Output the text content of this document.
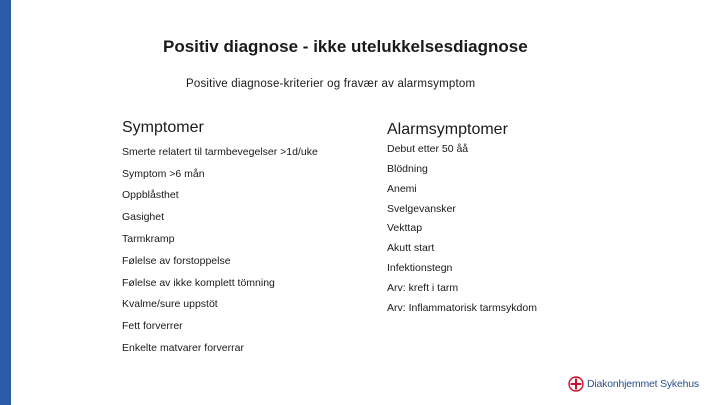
Positiv diagnose - ikke utelukkelsesdiagnose
Positive diagnose-kriterier og fravær av alarmsymptom
Symptomer	Alarmsymptomer
Smerte relatert til tarmbevegelser >1d/uke
Symptom >6 mån
Oppblåsthet
Gasighet
Tarmkramp
Følelse av forstoppelse
Følelse av ikke komplett tömning
Kvalme/sure uppstöt
Fett forverrer
Enkelte matvarer forverrar
Debut etter 50 åå
Blödning
Anemi
Svelgevansker
Vekttap
Akutt start
Infektionstegn
Arv: kreft i tarm
Arv: Inflammatorisk tarmsykdom
Diakonhjemmet Sykehus
